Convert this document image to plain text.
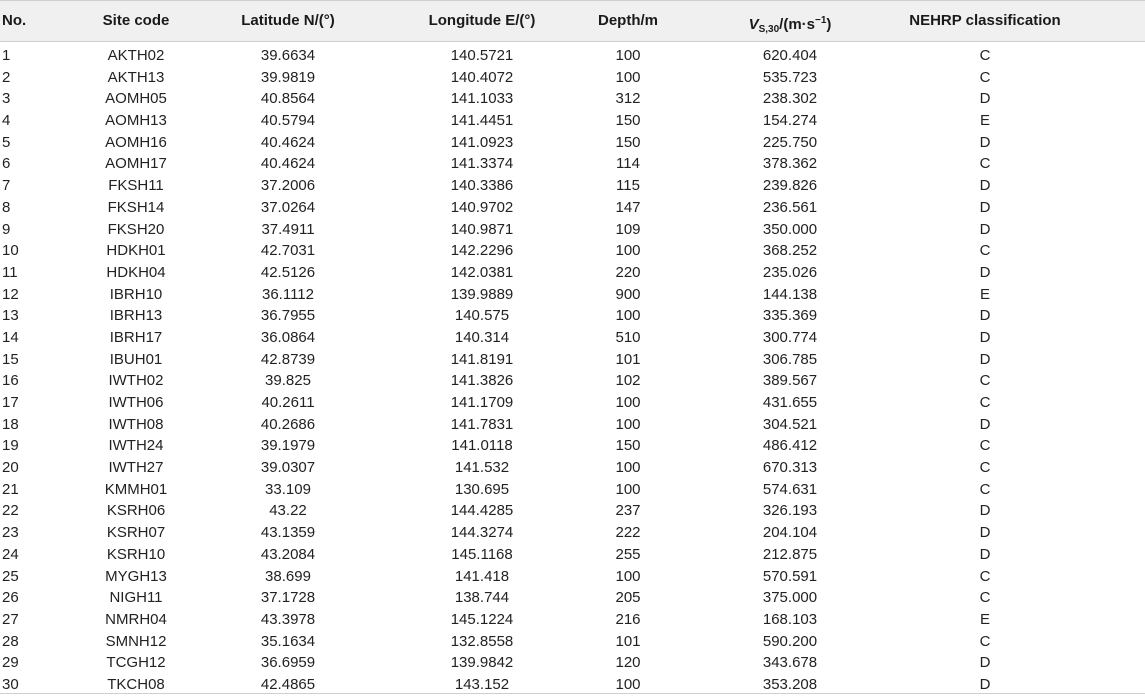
No.	Site code	Latitude N/(°)	Longitude E/(°)	Depth/m	$V_{S,30}/(m\cdot s^{-1})$	NEHRP classification
1	AKTH02	39.6634	140.5721	100	620.404	C
2	AKTH13	39.9819	140.4072	100	535.723	C
3	AOMH05	40.8564	141.1033	312	238.302	D
4	AOMH13	40.5794	141.4451	150	154.274	E
5	AOMH16	40.4624	141.0923	150	225.750	D
6	AOMH17	40.4624	141.3374	114	378.362	C
7	FKSH11	37.2006	140.3386	115	239.826	D
8	FKSH14	37.0264	140.9702	147	236.561	D
9	FKSH20	37.4911	140.9871	109	350.000	D
10	HDKH01	42.7031	142.2296	100	368.252	C
11	HDKH04	42.5126	142.0381	220	235.026	D
12	IBRH10	36.1112	139.9889	900	144.138	E
13	IBRH13	36.7955	140.575	100	335.369	D
14	IBRH17	36.0864	140.314	510	300.774	D
15	IBUH01	42.8739	141.8191	101	306.785	D
16	IWTH02	39.825	141.3826	102	389.567	C
17	IWTH06	40.2611	141.1709	100	431.655	C
18	IWTH08	40.2686	141.7831	100	304.521	D
19	IWTH24	39.1979	141.0118	150	486.412	C
20	IWTH27	39.0307	141.532	100	670.313	C
21	KMMH01	33.109	130.695	100	574.631	C
22	KSRH06	43.22	144.4285	237	326.193	D
23	KSRH07	43.1359	144.3274	222	204.104	D
24	KSRH10	43.2084	145.1168	255	212.875	D
25	MYGH13	38.699	141.418	100	570.591	C
26	NIGH11	37.1728	138.744	205	375.000	C
27	NMRH04	43.3978	145.1224	216	168.103	E
28	SMNH12	35.1634	132.8558	101	590.200	C
29	TCGH12	36.6959	139.9842	120	343.678	D
30	TKCH08	42.4865	143.152	100	353.208	D
